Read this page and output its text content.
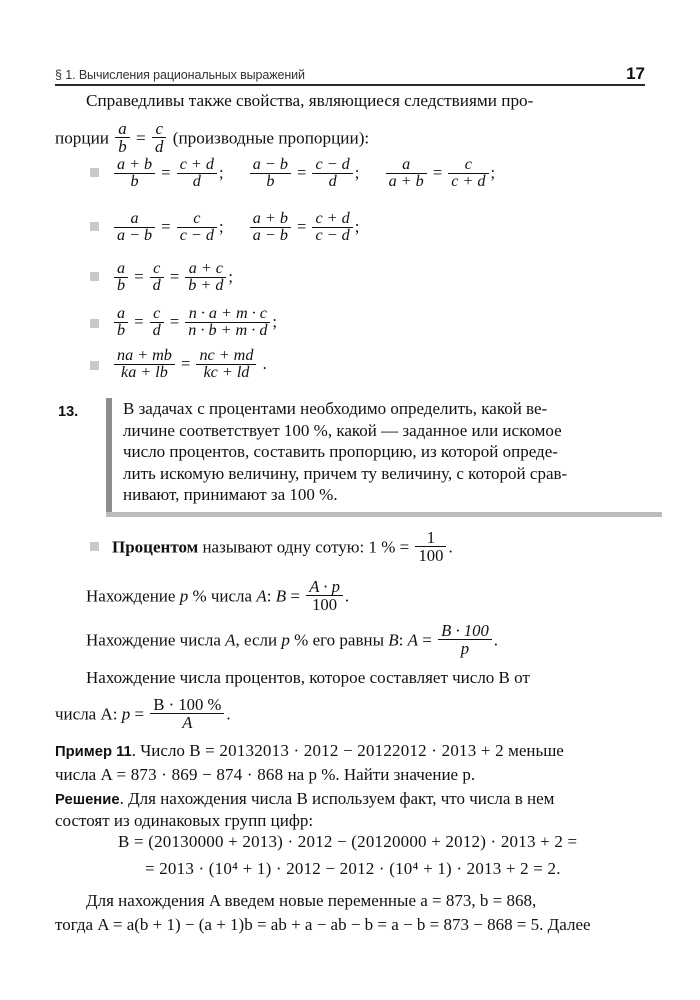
§ 1. Вычисления рациональных выражений	17
Справедливы также свойства, являющиеся следствиями про-
порции $\frac{a}{b} = \frac{c}{d}$ (производные пропорции):
$\frac{a + b}{b} = \frac{c + d}{d}$ ; $\frac{a - b}{b} = \frac{c - d}{d}$ ; $\frac{a}{a + b} = \frac{c}{c + d}$ ;
$\frac{a}{a - b} = \frac{c}{c - d}$ ; $\frac{a + b}{a - b} = \frac{c + d}{c - d}$ ;
$\frac{a}{b} = \frac{c}{d} = \frac{a + c}{b + d}$ ;
$\frac{a}{b} = \frac{c}{d} = \frac{n \cdot a + m \cdot c}{n \cdot b + m \cdot d}$ ;
$\frac{na + mb}{ka + lb} = \frac{nc + md}{kc + ld}$ .
13.	В задачах с процентами необходимо определить, какой ве-
личине соответствует 100 %, какой — заданное или искомое
число процентов, составить пропорцию, из которой опреде-
лить искомую величину, причем ту величину, с которой срав-
нивают, принимают за 100 %.
Процентом называют одну сотую: 1 % = $\frac{1}{100}$ .
Нахождение p % числа A: $B = \frac{A \cdot p}{100}$ .
Нахождение числа A, если p % его равны B: $A = \frac{B \cdot 100}{p}$ .
Нахождение числа процентов, которое составляет число B от
числа A: $p = \frac{B \cdot 100 \%}{A}$ .
Пример 11. Число B = 20132013 · 2012 − 20122012 · 2013 + 2 меньше
числа A = 873 · 869 − 874 · 868 на p %. Найти значение p.
Решение. Для нахождения числа B используем факт, что числа в нем
состоят из одинаковых групп цифр:
B = (20130000 + 2013) · 2012 − (20120000 + 2012) · 2013 + 2 =
= 2013 · (10⁴ + 1) · 2012 − 2012 · (10⁴ + 1) · 2013 + 2 = 2.
Для нахождения A введем новые переменные a = 873, b = 868,
тогда A = a(b + 1) − (a + 1)b = ab + a − ab − b = a − b = 873 − 868 = 5. Далее
